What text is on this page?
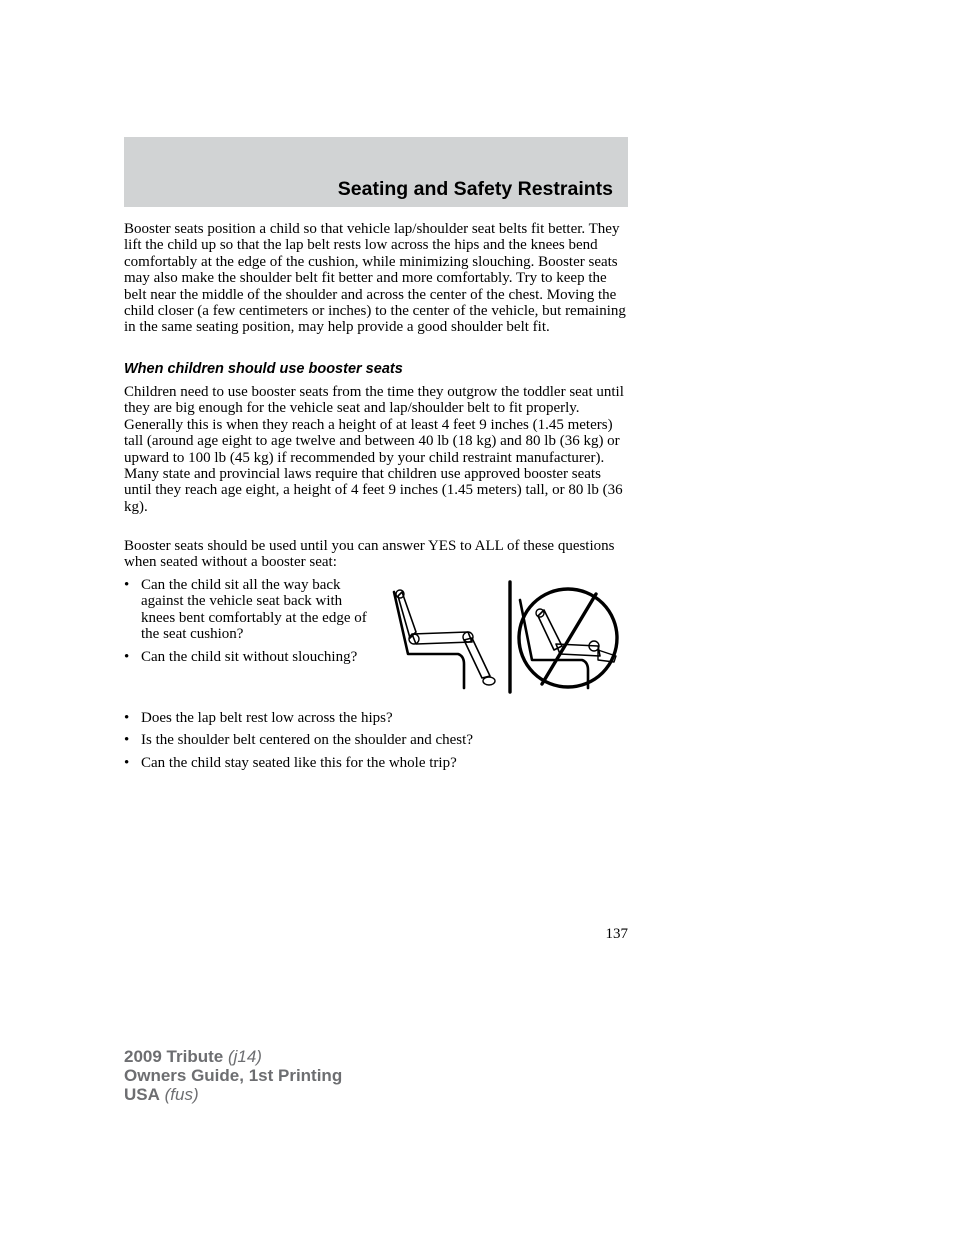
Seating and Safety Restraints
Booster seats position a child so that vehicle lap/shoulder seat belts fit better. They lift the child up so that the lap belt rests low across the hips and the knees bend comfortably at the edge of the cushion, while minimizing slouching. Booster seats may also make the shoulder belt fit better and more comfortably. Try to keep the belt near the middle of the shoulder and across the center of the chest. Moving the child closer (a few centimeters or inches) to the center of the vehicle, but remaining in the same seating position, may help provide a good shoulder belt fit.
When children should use booster seats
Children need to use booster seats from the time they outgrow the toddler seat until they are big enough for the vehicle seat and lap/shoulder belt to fit properly. Generally this is when they reach a height of at least 4 feet 9 inches (1.45 meters) tall (around age eight to age twelve and between 40 lb (18 kg) and 80 lb (36 kg) or upward to 100 lb (45 kg) if recommended by your child restraint manufacturer). Many state and provincial laws require that children use approved booster seats until they reach age eight, a height of 4 feet 9 inches (1.45 meters) tall, or 80 lb (36 kg).
Booster seats should be used until you can answer YES to ALL of these questions when seated without a booster seat:
• Can the child sit all the way back against the vehicle seat back with knees bent comfortably at the edge of the seat cushion?
• Can the child sit without slouching?
• Does the lap belt rest low across the hips?
• Is the shoulder belt centered on the shoulder and chest?
• Can the child stay seated like this for the whole trip?
137
2009 Tribute (j14)
Owners Guide, 1st Printing
USA (fus)
